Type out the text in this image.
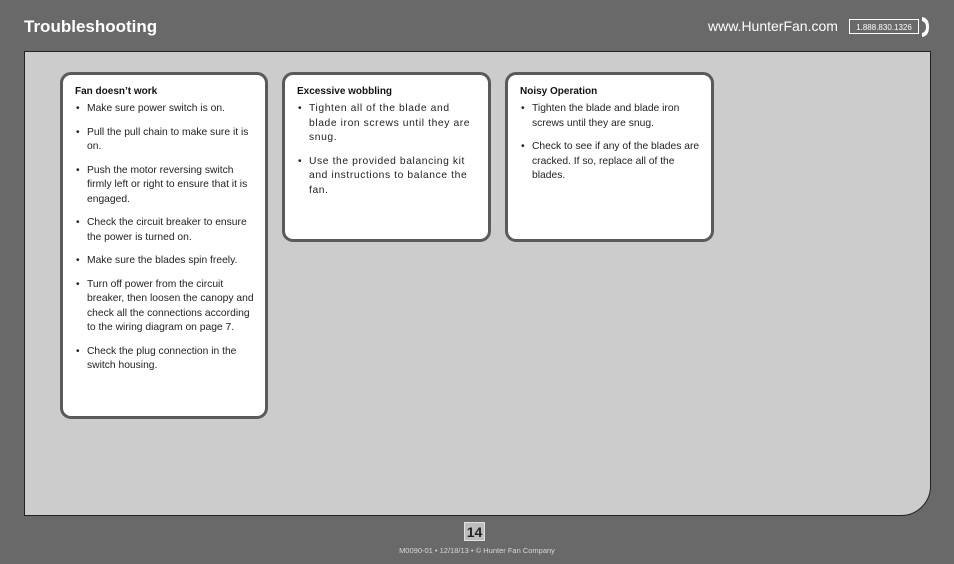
Troubleshooting	www.HunterFan.com	1.888.830.1326
Fan doesn’t work
• Make sure power switch is on.
• Pull the pull chain to make sure it is on.
• Push the motor reversing switch firmly left or right to ensure that it is engaged.
• Check the circuit breaker to ensure the power is turned on.
• Make sure the blades spin freely.
• Turn off power from the circuit breaker, then loosen the canopy and check all the connections according to the wiring diagram on page 7.
• Check the plug connection in the switch housing.
Excessive wobbling
• Tighten all of the blade and blade iron screws until they are snug.
• Use the provided balancing kit and instructions to balance the fan.
Noisy Operation
• Tighten the blade and blade iron screws until they are snug.
• Check to see if any of the blades are cracked. If so, replace all of the blades.
14
M0090-01 • 12/18/13 • © Hunter Fan Company
